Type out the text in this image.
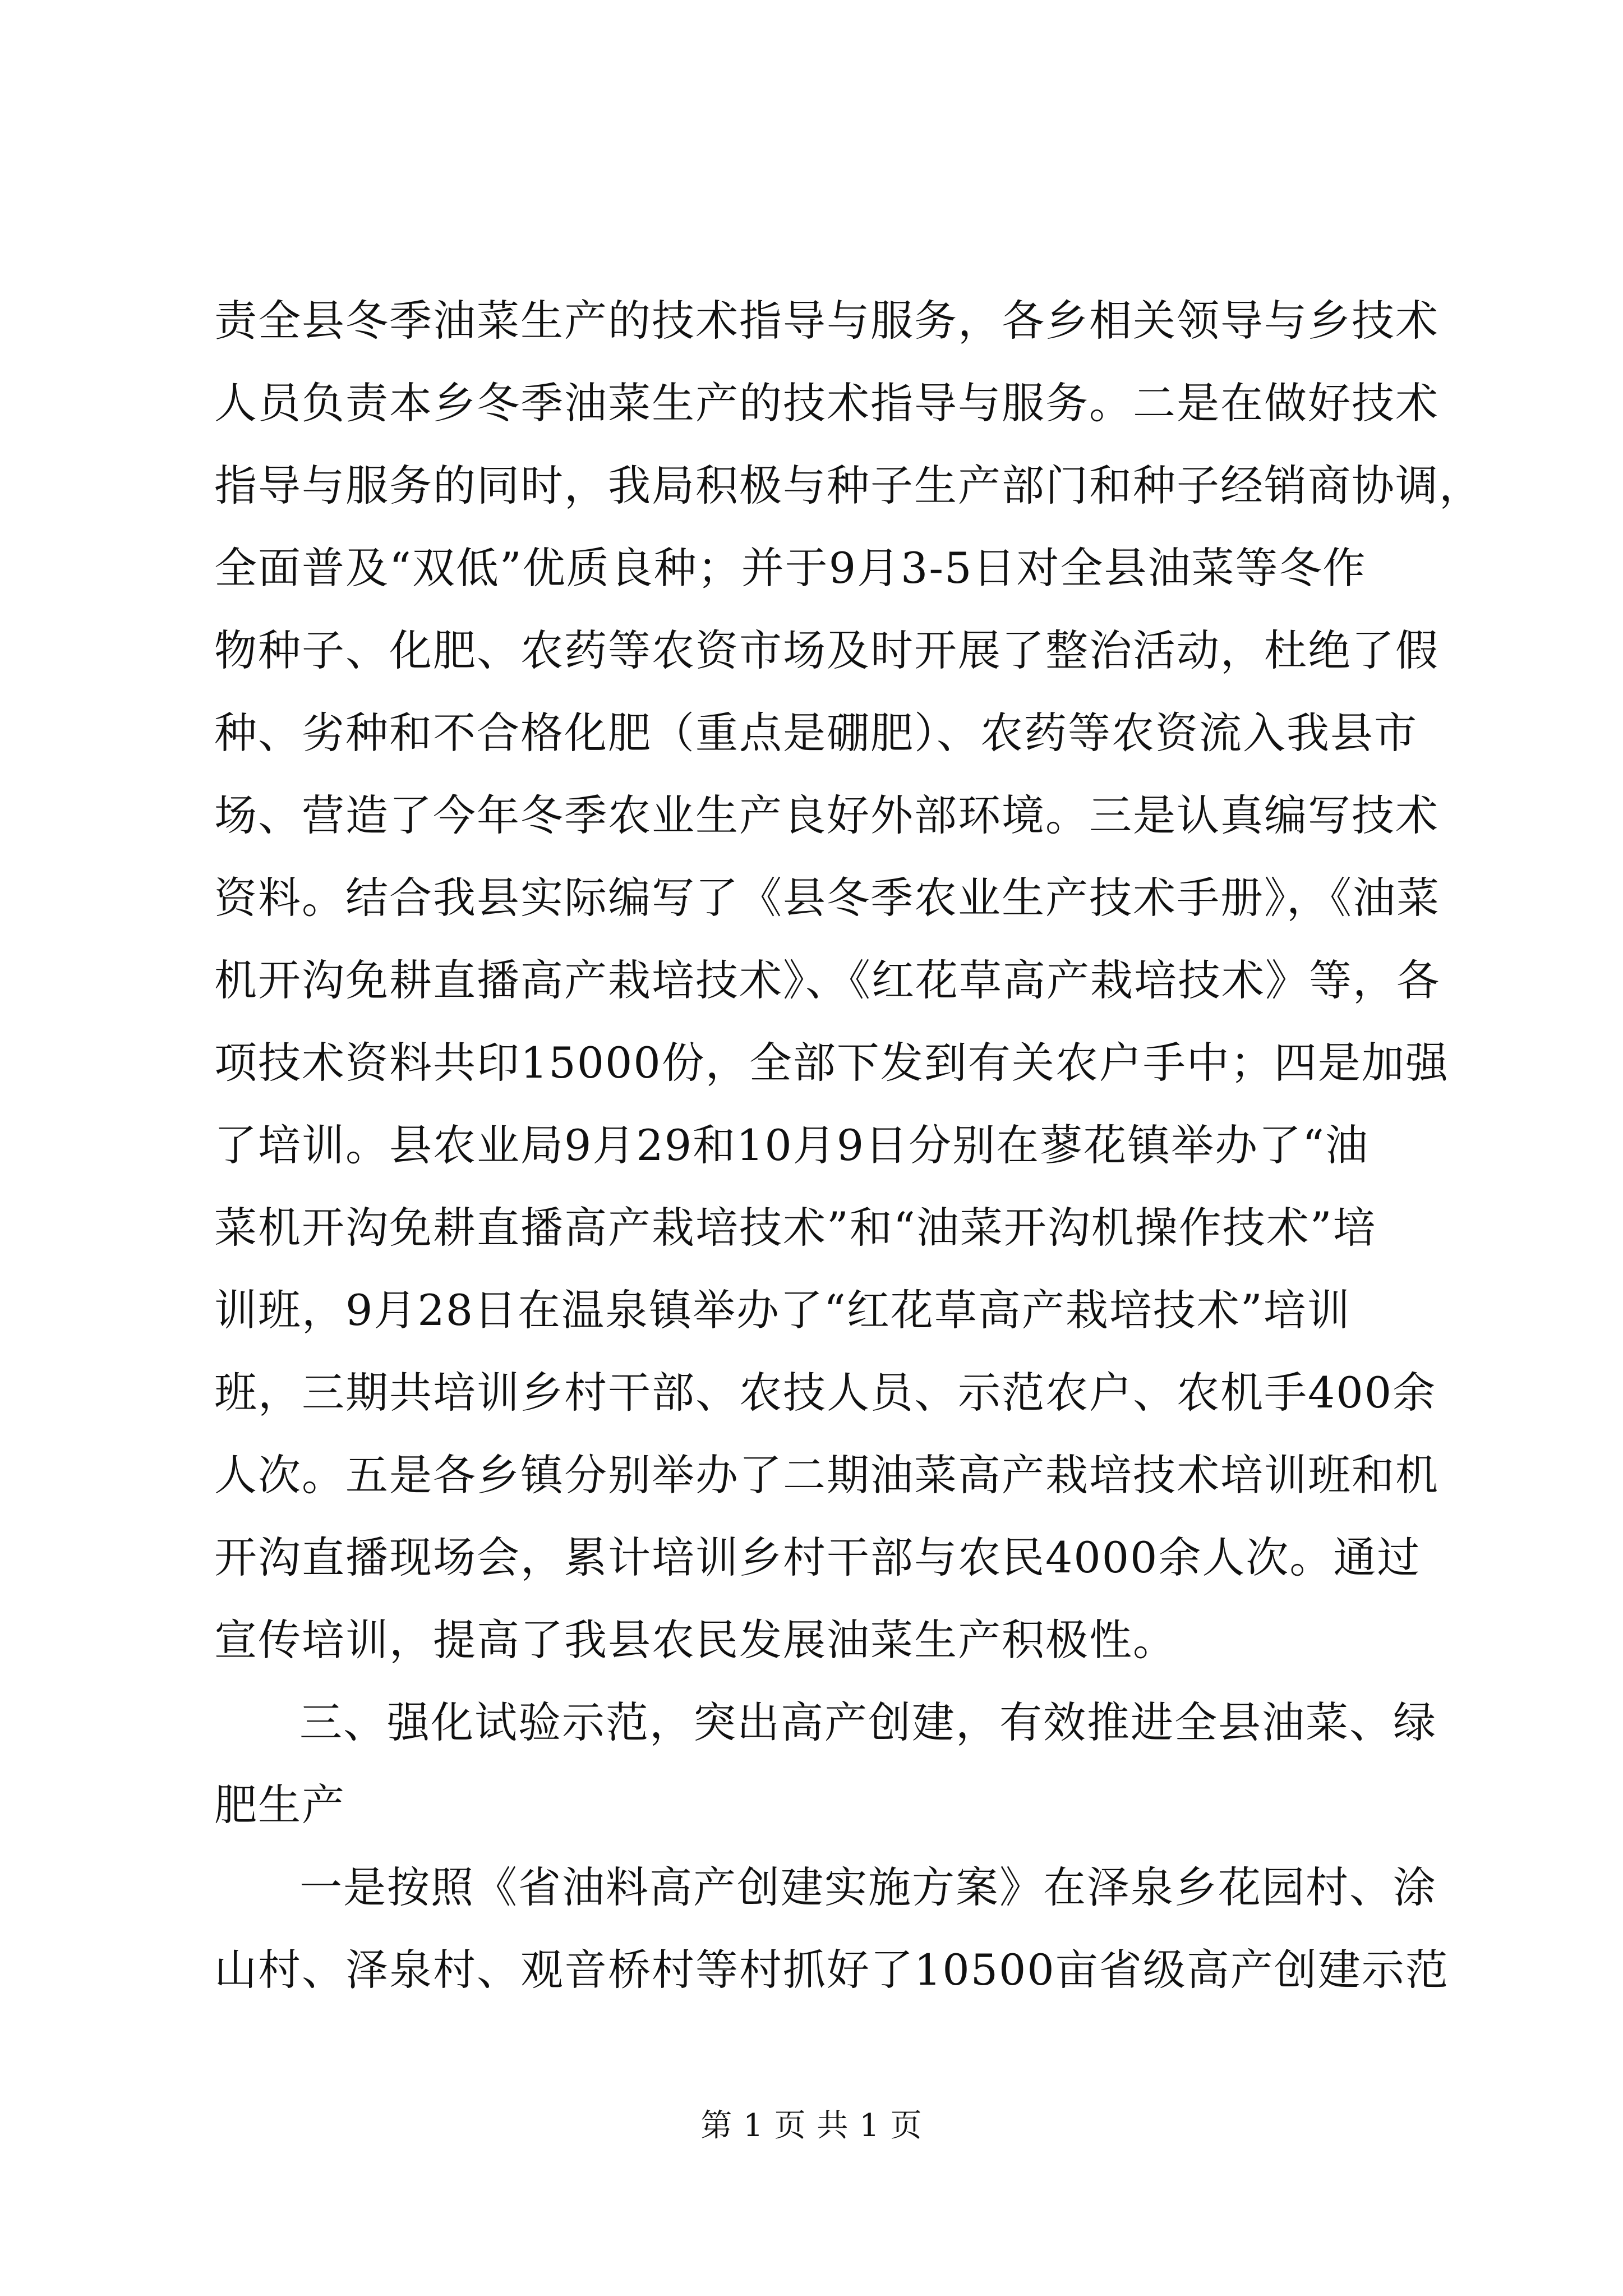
责全县冬季油菜生产的技术指导与服务，各乡相关领导与乡技术
人员负责本乡冬季油菜生产的技术指导与服务。二是在做好技术
指导与服务的同时，我局积极与种子生产部门和种子经销商协调，
全面普及“双低”优质良种；并于9月3-5日对全县油菜等冬作
物种子、化肥、农药等农资市场及时开展了整治活动，杜绝了假
种、劣种和不合格化肥（重点是硼肥）、农药等农资流入我县市
场、营造了今年冬季农业生产良好外部环境。三是认真编写技术
资料。结合我县实际编写了《县冬季农业生产技术手册》，《油菜
机开沟免耕直播高产栽培技术》、《红花草高产栽培技术》等，各
项技术资料共印15000份，全部下发到有关农户手中；四是加强
了培训。县农业局9月29和10月9日分别在蓼花镇举办了“油
菜机开沟免耕直播高产栽培技术”和“油菜开沟机操作技术”培
训班，9月28日在温泉镇举办了“红花草高产栽培技术”培训
班，三期共培训乡村干部、农技人员、示范农户、农机手400余
人次。五是各乡镇分别举办了二期油菜高产栽培技术培训班和机
开沟直播现场会，累计培训乡村干部与农民4000余人次。通过
宣传培训，提高了我县农民发展油菜生产积极性。
三、强化试验示范，突出高产创建，有效推进全县油菜、绿
肥生产
一是按照《省油料高产创建实施方案》在泽泉乡花园村、涂
山村、泽泉村、观音桥村等村抓好了10500亩省级高产创建示范
第 1 页 共 1 页
